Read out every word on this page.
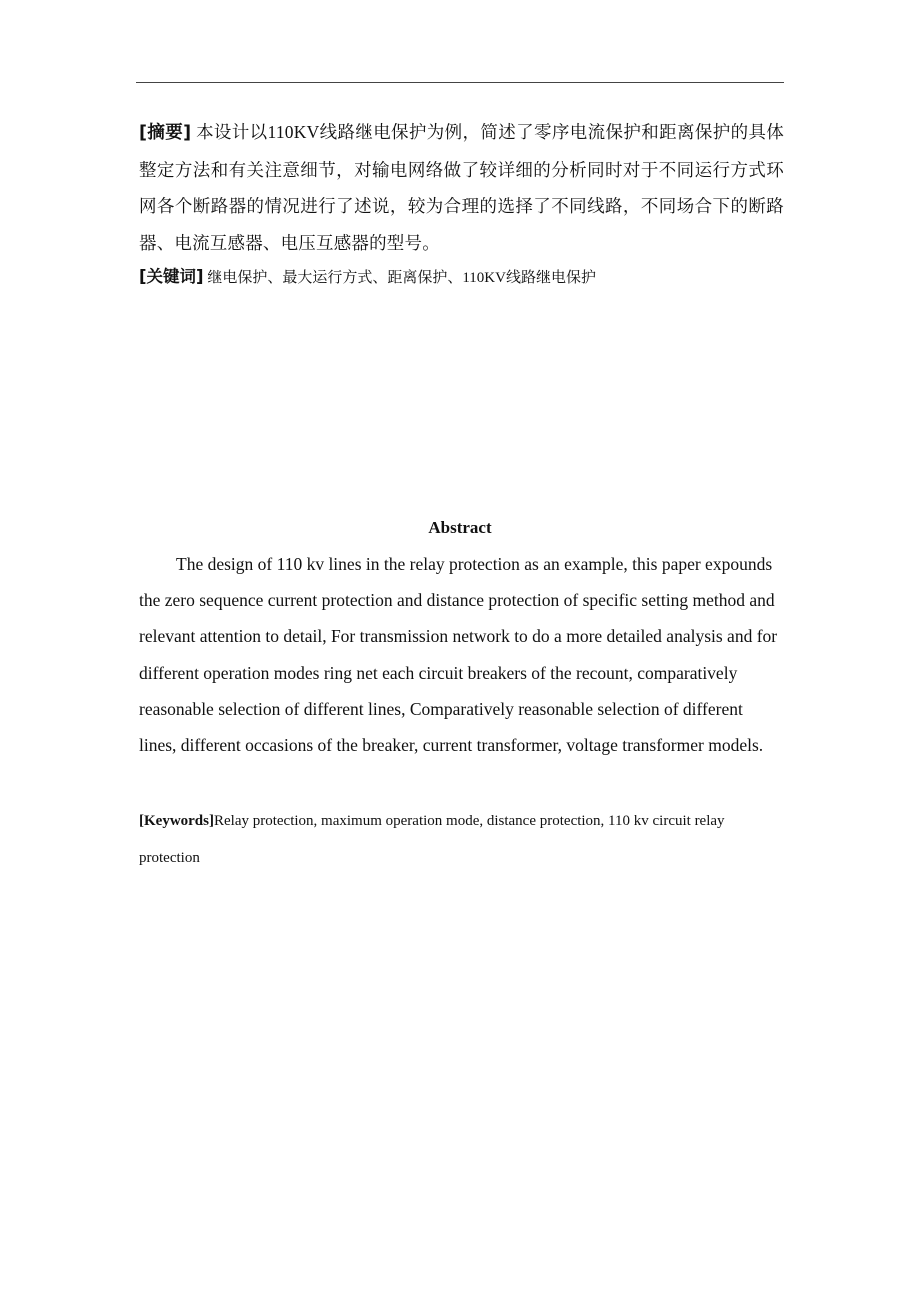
[摘要] 本设计以110KV线路继电保护为例，简述了零序电流保护和距离保护的具体整定方法和有关注意细节，对输电网络做了较详细的分析同时对于不同运行方式环网各个断路器的情况进行了述说，较为合理的选择了不同线路，不同场合下的断路器、电流互感器、电压互感器的型号。

[关键词] 继电保护、最大运行方式、距离保护、110KV线路继电保护

Abstract

The design of 110 kv lines in the relay protection as an example, this paper expounds the zero sequence current protection and distance protection of specific setting method and relevant attention to detail, For transmission network to do a more detailed analysis and for different operation modes ring net each circuit breakers of the recount, comparatively reasonable selection of different lines, Comparatively reasonable selection of different lines, different occasions of the breaker, current transformer, voltage transformer models.

[Keywords]Relay protection, maximum operation mode, distance protection, 110 kv circuit relay protection
